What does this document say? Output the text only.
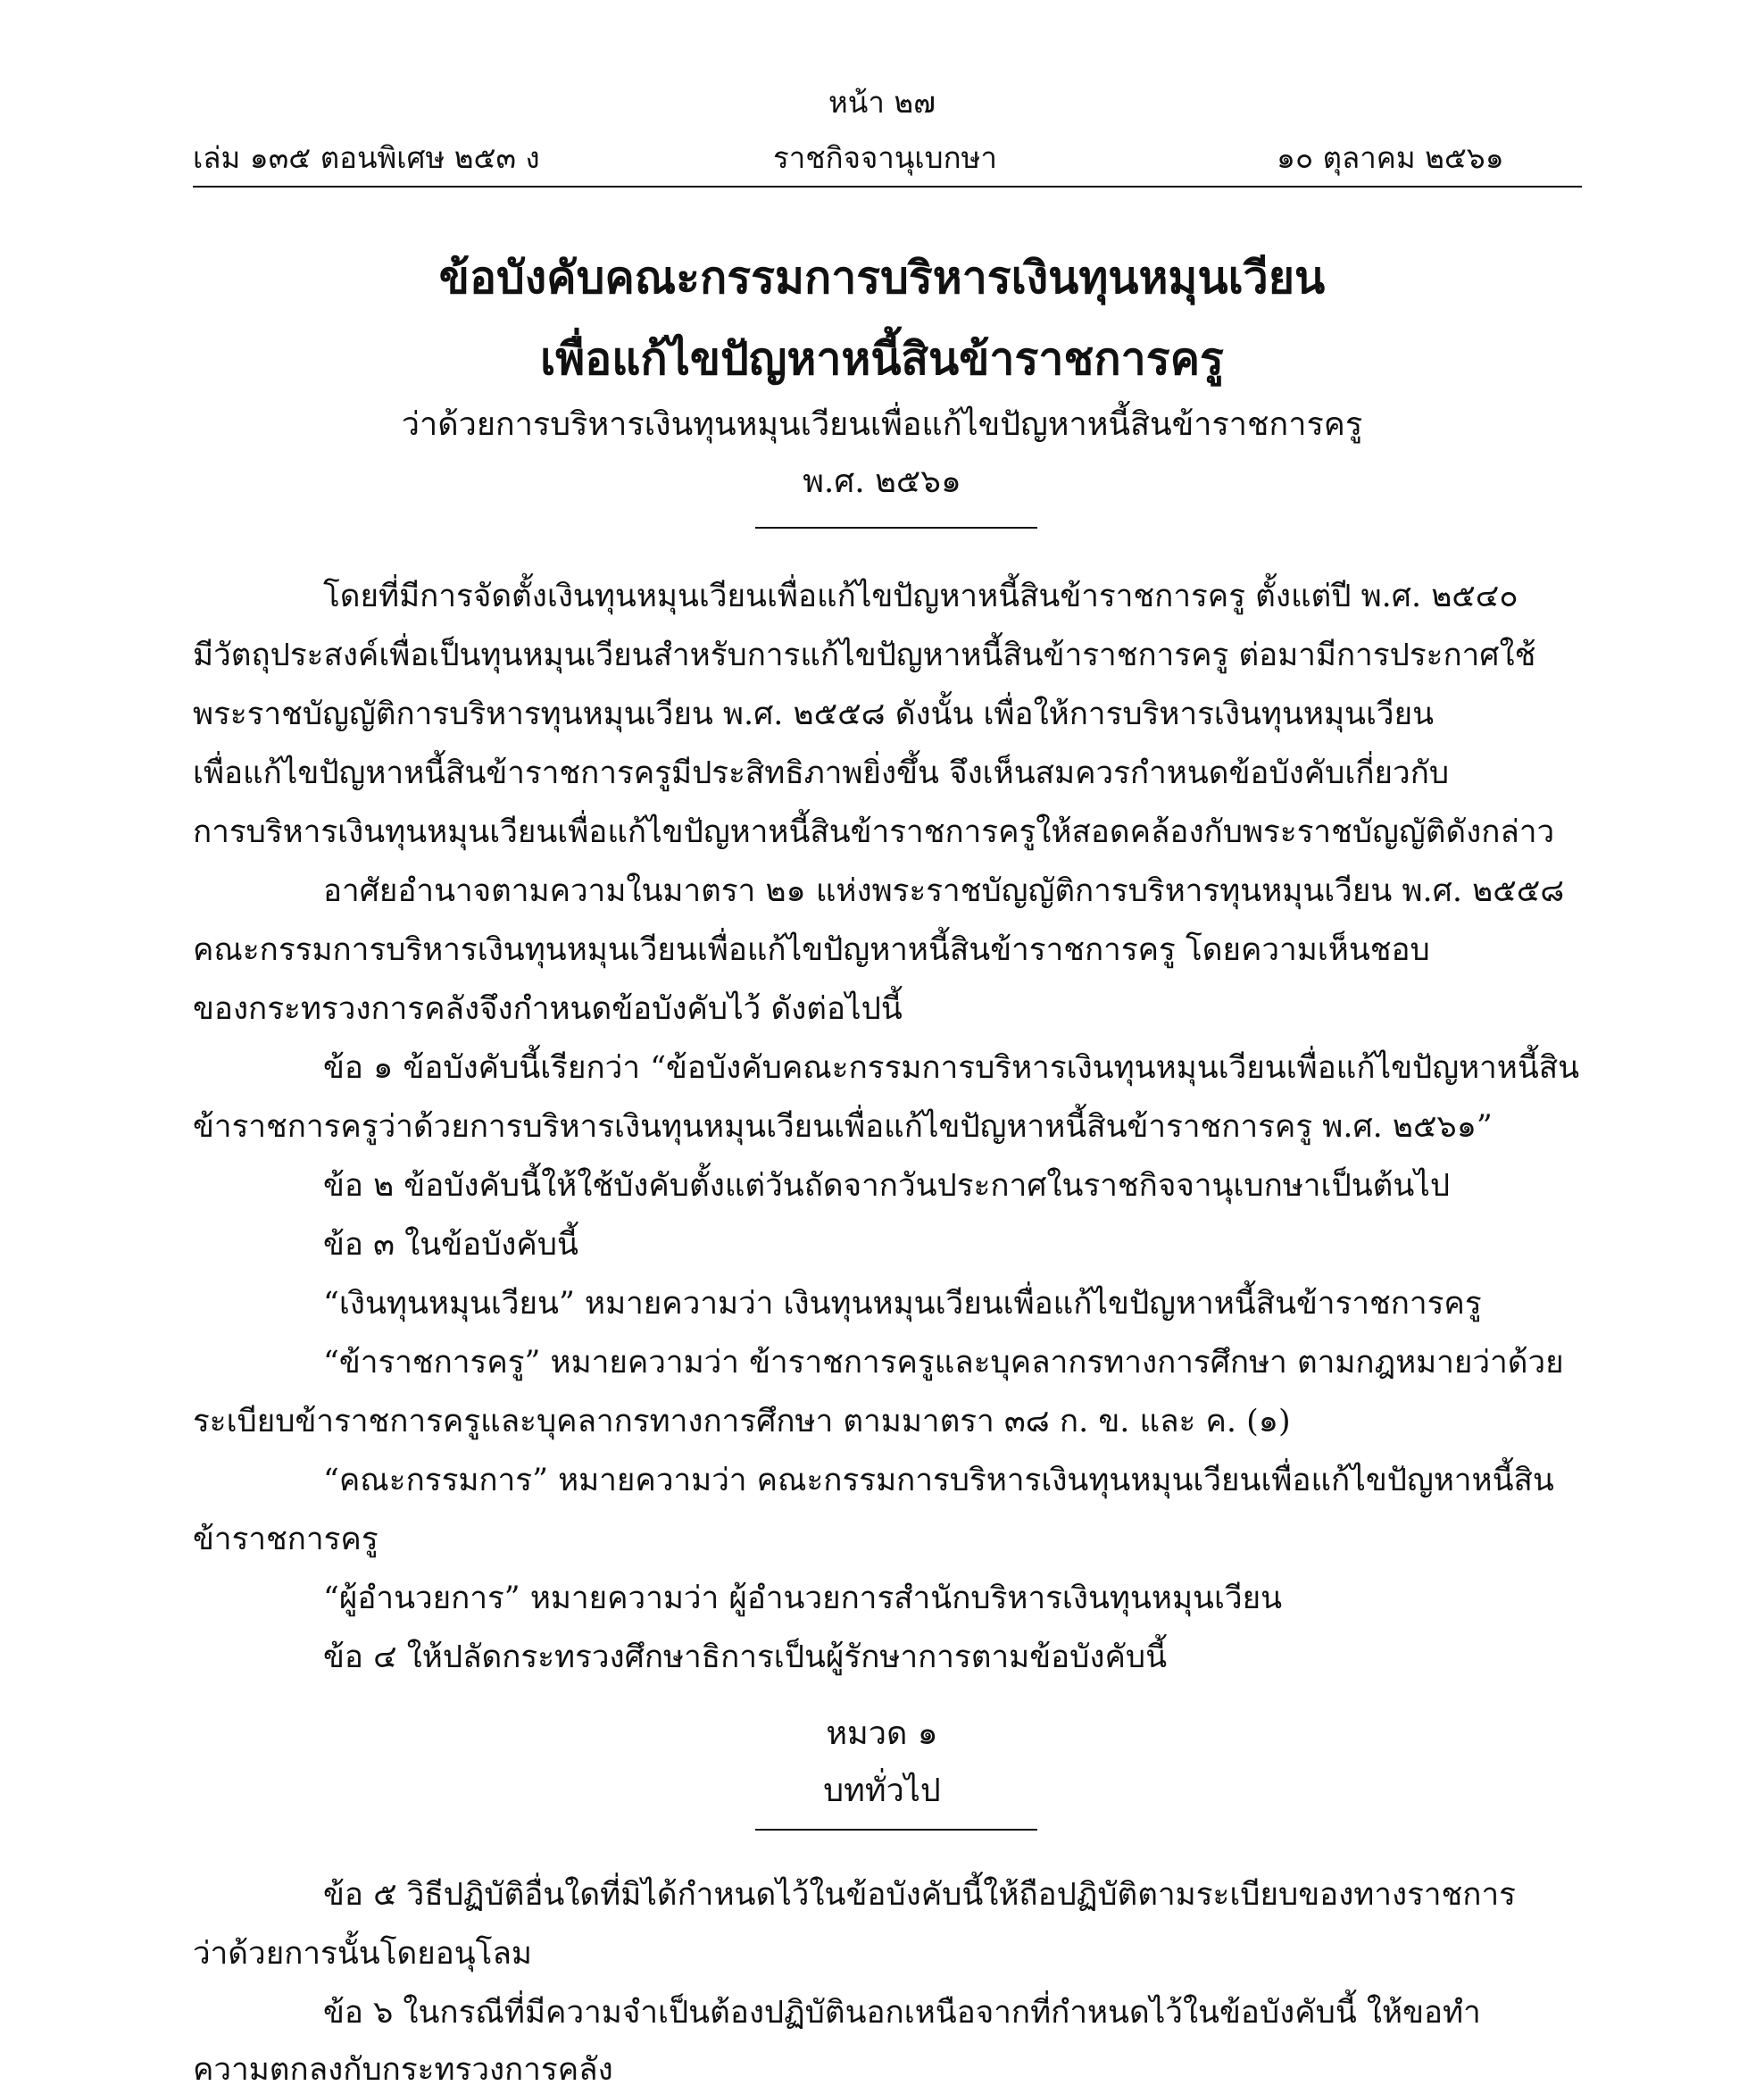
หน้า ๒๗
เล่ม ๑๓๕ ตอนพิเศษ ๒๕๓ ง	ราชกิจจานุเบกษา	๑๐ ตุลาคม ๒๕๖๑
ข้อบังคับคณะกรรมการบริหารเงินทุนหมุนเวียน
เพื่อแก้ไขปัญหาหนี้สินข้าราชการครู
ว่าด้วยการบริหารเงินทุนหมุนเวียนเพื่อแก้ไขปัญหาหนี้สินข้าราชการครู
พ.ศ. ๒๕๖๑
โดยที่มีการจัดตั้งเงินทุนหมุนเวียนเพื่อแก้ไขปัญหาหนี้สินข้าราชการครู ตั้งแต่ปี พ.ศ. ๒๕๔๐
มีวัตถุประสงค์เพื่อเป็นทุนหมุนเวียนสำหรับการแก้ไขปัญหาหนี้สินข้าราชการครู ต่อมามีการประกาศใช้
พระราชบัญญัติการบริหารทุนหมุนเวียน พ.ศ. ๒๕๕๘ ดังนั้น เพื่อให้การบริหารเงินทุนหมุนเวียน
เพื่อแก้ไขปัญหาหนี้สินข้าราชการครูมีประสิทธิภาพยิ่งขึ้น จึงเห็นสมควรกำหนดข้อบังคับเกี่ยวกับ
การบริหารเงินทุนหมุนเวียนเพื่อแก้ไขปัญหาหนี้สินข้าราชการครูให้สอดคล้องกับพระราชบัญญัติดังกล่าว
อาศัยอำนาจตามความในมาตรา ๒๑ แห่งพระราชบัญญัติการบริหารทุนหมุนเวียน พ.ศ. ๒๕๕๘
คณะกรรมการบริหารเงินทุนหมุนเวียนเพื่อแก้ไขปัญหาหนี้สินข้าราชการครู โดยความเห็นชอบ
ของกระทรวงการคลังจึงกำหนดข้อบังคับไว้ ดังต่อไปนี้
ข้อ ๑ ข้อบังคับนี้เรียกว่า “ข้อบังคับคณะกรรมการบริหารเงินทุนหมุนเวียนเพื่อแก้ไขปัญหาหนี้สิน
ข้าราชการครูว่าด้วยการบริหารเงินทุนหมุนเวียนเพื่อแก้ไขปัญหาหนี้สินข้าราชการครู พ.ศ. ๒๕๖๑”
ข้อ ๒ ข้อบังคับนี้ให้ใช้บังคับตั้งแต่วันถัดจากวันประกาศในราชกิจจานุเบกษาเป็นต้นไป
ข้อ ๓ ในข้อบังคับนี้
“เงินทุนหมุนเวียน” หมายความว่า เงินทุนหมุนเวียนเพื่อแก้ไขปัญหาหนี้สินข้าราชการครู
“ข้าราชการครู” หมายความว่า ข้าราชการครูและบุคลากรทางการศึกษา ตามกฎหมายว่าด้วย
ระเบียบข้าราชการครูและบุคลากรทางการศึกษา ตามมาตรา ๓๘ ก. ข. และ ค. (๑)
“คณะกรรมการ” หมายความว่า คณะกรรมการบริหารเงินทุนหมุนเวียนเพื่อแก้ไขปัญหาหนี้สิน
ข้าราชการครู
“ผู้อำนวยการ” หมายความว่า ผู้อำนวยการสำนักบริหารเงินทุนหมุนเวียน
ข้อ ๔ ให้ปลัดกระทรวงศึกษาธิการเป็นผู้รักษาการตามข้อบังคับนี้
หมวด ๑
บททั่วไป
ข้อ ๕ วิธีปฏิบัติอื่นใดที่มิได้กำหนดไว้ในข้อบังคับนี้ให้ถือปฏิบัติตามระเบียบของทางราชการ
ว่าด้วยการนั้นโดยอนุโลม
ข้อ ๖ ในกรณีที่มีความจำเป็นต้องปฏิบัตินอกเหนือจากที่กำหนดไว้ในข้อบังคับนี้ ให้ขอทำ
ความตกลงกับกระทรวงการคลัง
